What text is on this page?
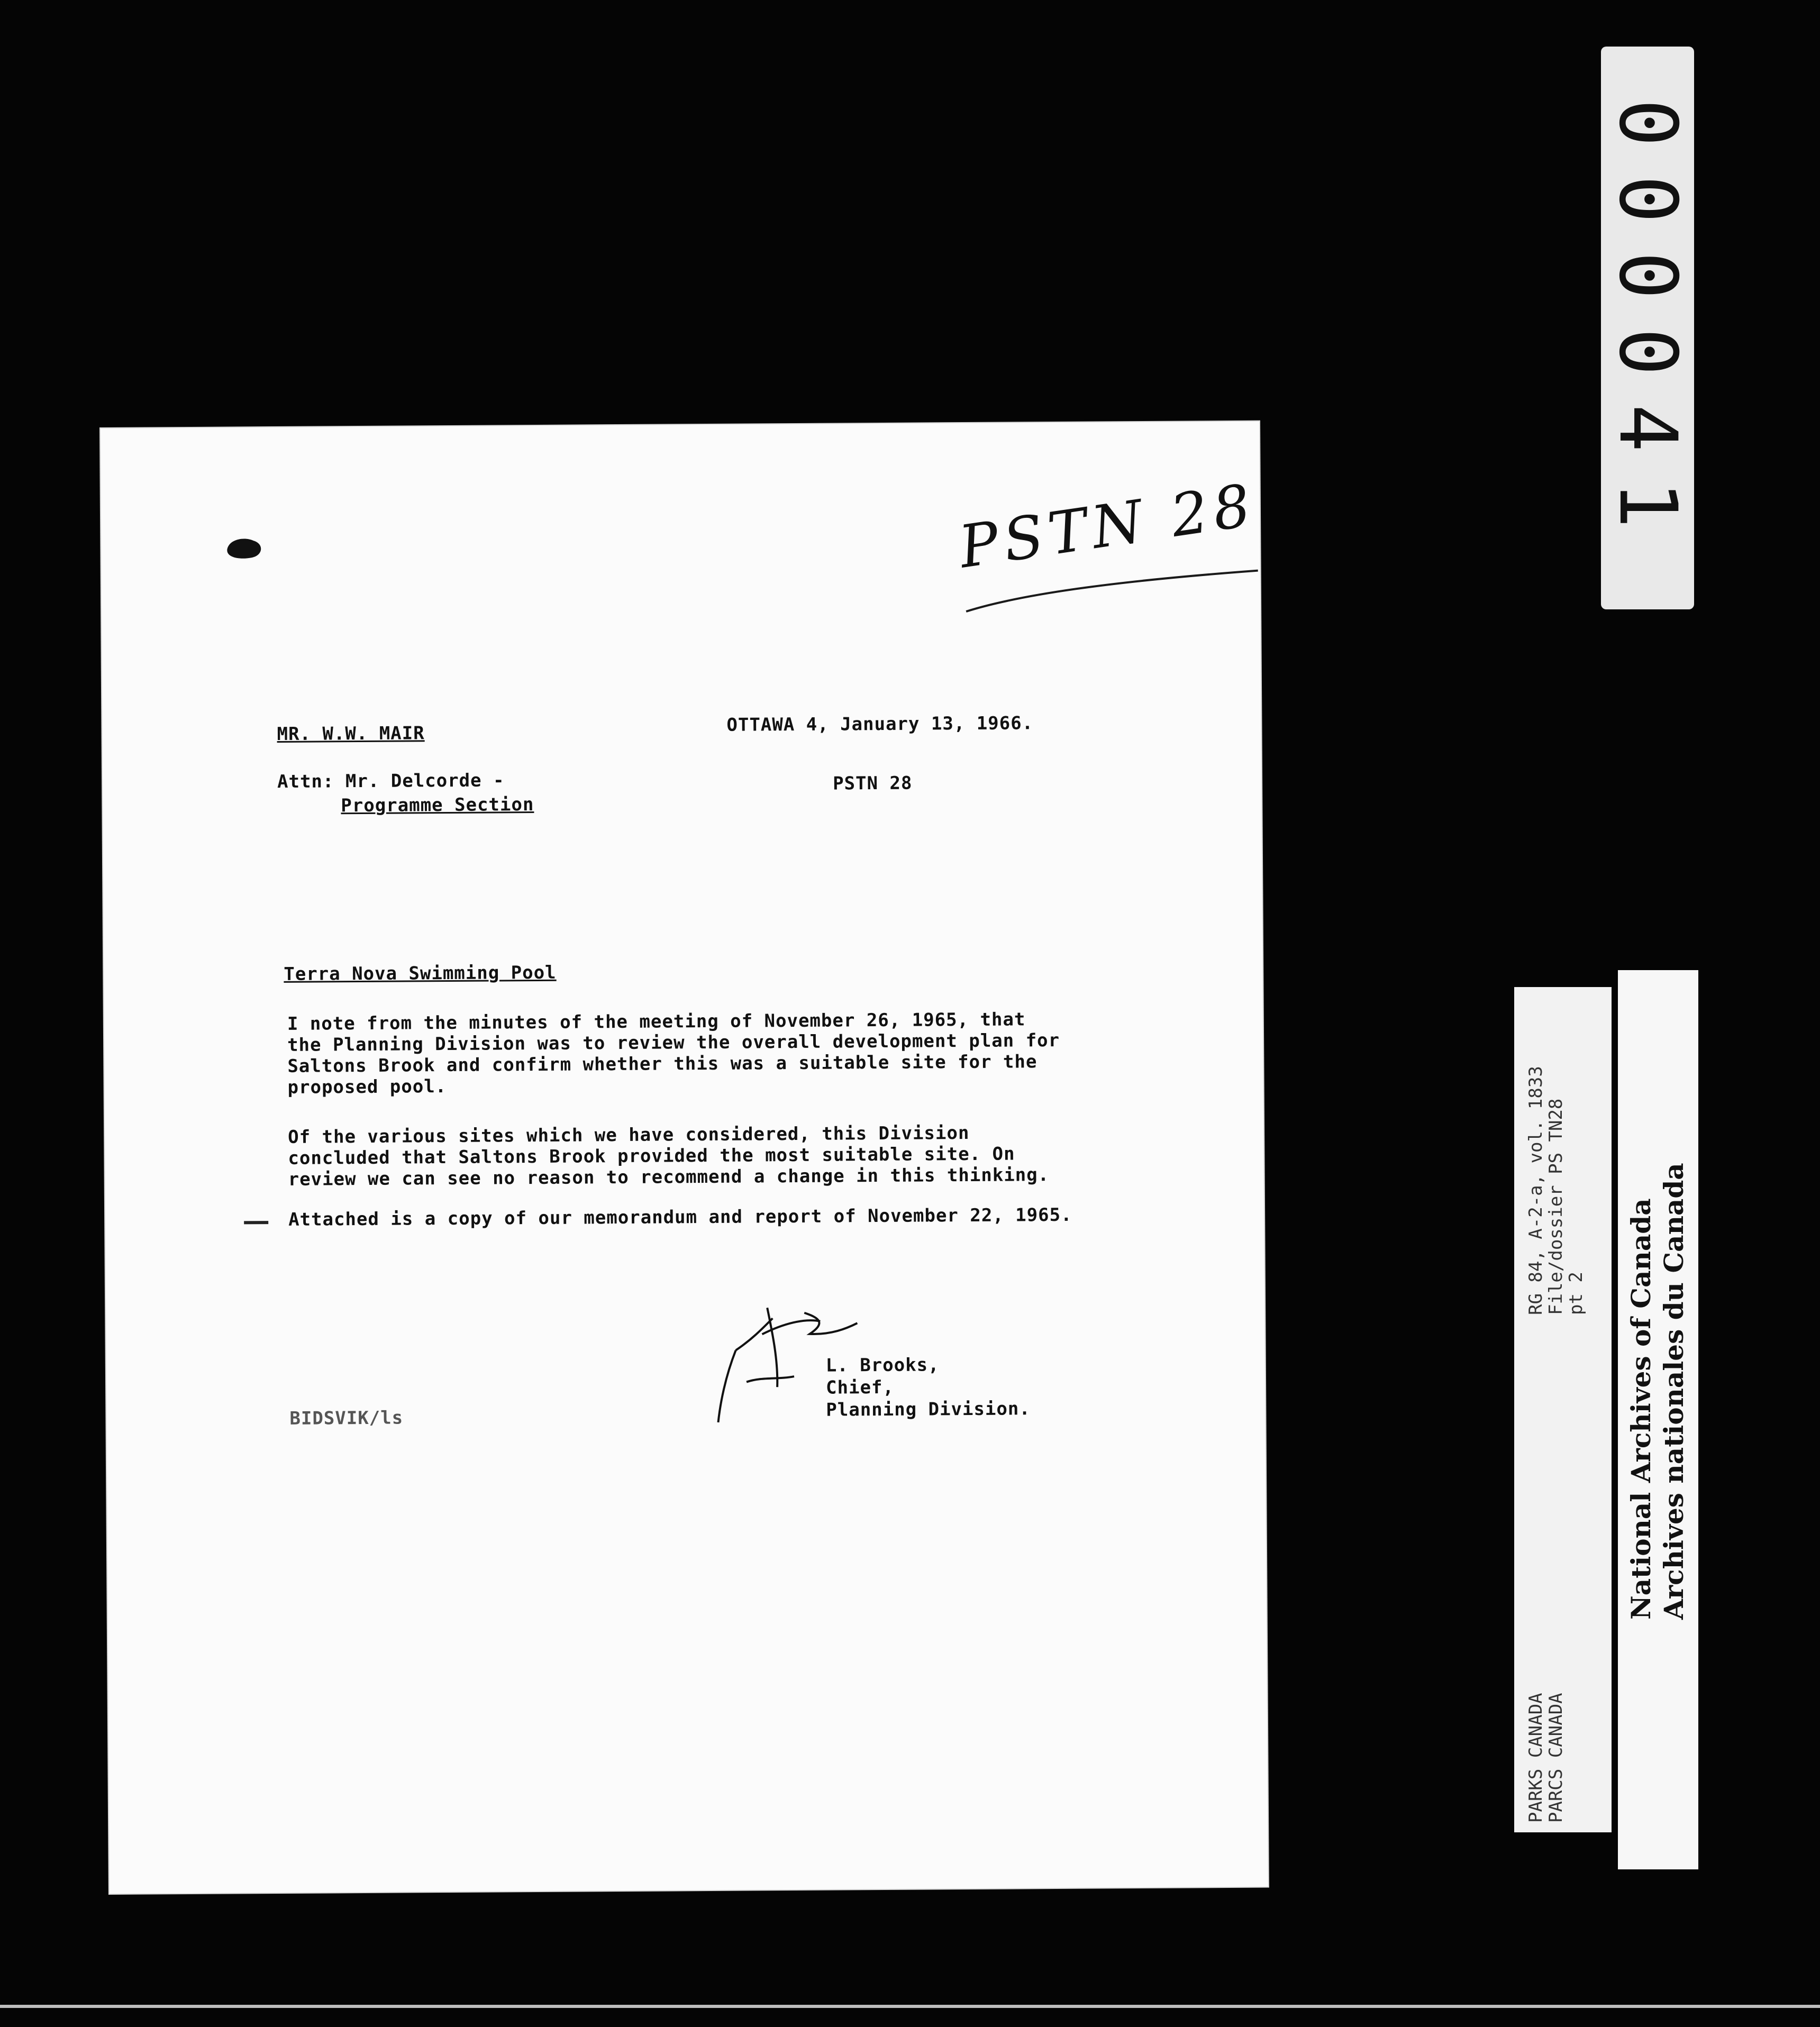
PSTN 28
MR. W.W. MAIR	OTTAWA 4, January 13, 1966.
Attn: Mr. Delcorde -
Programme Section
PSTN 28
Terra Nova Swimming Pool
I note from the minutes of the meeting of November 26, 1965, that the Planning Division was to review the overall development plan for Saltons Brook and confirm whether this was a suitable site for the proposed pool.
Of the various sites which we have considered, this Division concluded that Saltons Brook provided the most suitable site. On review we can see no reason to recommend a change in this thinking.
Attached is a copy of our memorandum and report of November 22, 1965.
L. Brooks,
Chief,
Planning Division.
BIDSVIK/ls
000041
PARKS CANADA
PARCS CANADA
RG 84, A-2-a, vol. 1833
File/dossier PS TN28
pt 2 National Archives of Canada Archives nationales du Canada
